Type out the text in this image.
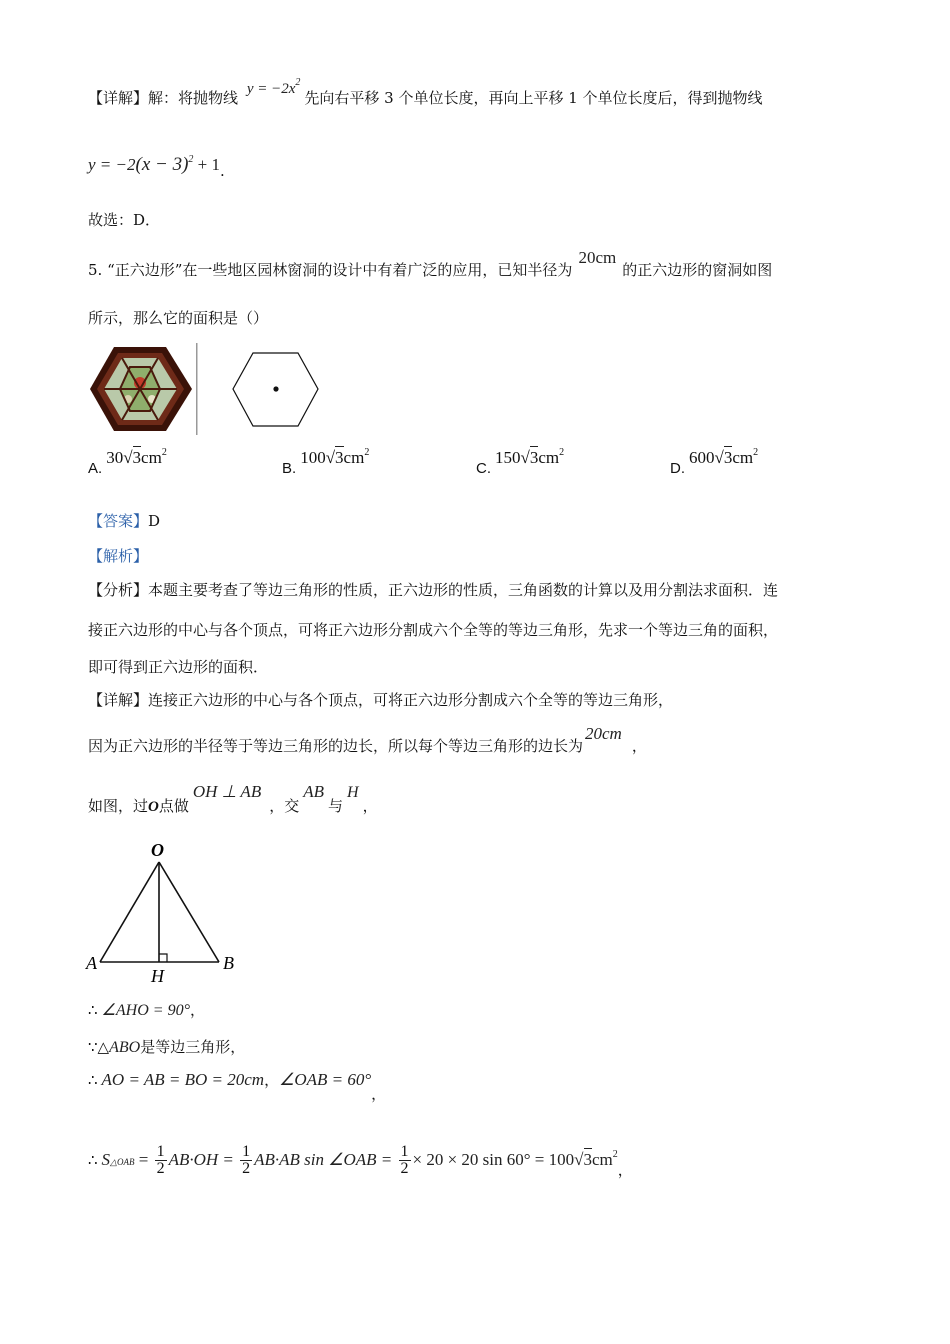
【详解】解：将抛物线 $y = -2x^2$先向右平移 3 个单位长度，再向上平移 1 个单位长度后，得到抛物线
$y = -2(x - 3)^2 + 1$.
故选：D．
5. “正六边形”在一些地区园林窗洞的设计中有着广泛的应用，已知半径为20cm的正六边形的窗洞如图
所示，那么它的面积是（）
$A.30√3cm^2$
$B.100√3cm^2$
$C.150√3cm^2$
$D.600√3cm^2$
【答案】D
【解析】
【分析】本题主要考查了等边三角形的性质，正六边形的性质，三角函数的计算以及用分割法求面积．连
接正六边形的中心与各个顶点，可将正六边形分割成六个全等的等边三角形，先求一个等边三角的面积，
即可得到正六边形的面积．
【详解】连接正六边形的中心与各个顶点，可将正六边形分割成六个全等的等边三角形，
因为正六边形的半径等于等边三角形的边长，所以每个等边三角形的边长为20cm，
如图，过O点做OH ⊥ AB，交AB与H，
O
A	B
H
∴ ∠AHO = 90°，
∵△ABO是等边三角形，
∴ AO = AB = BO = 20cm，∠OAB = 60°，
∴ S△OAB = $\frac{1}{2} AB\cdot OH = \frac{1}{2} AB\cdot AB$ sin ∠OAB = $\frac{1}{2} \times 20 \times 20$ $\sin 60^\circ = 100√3cm^2$，
